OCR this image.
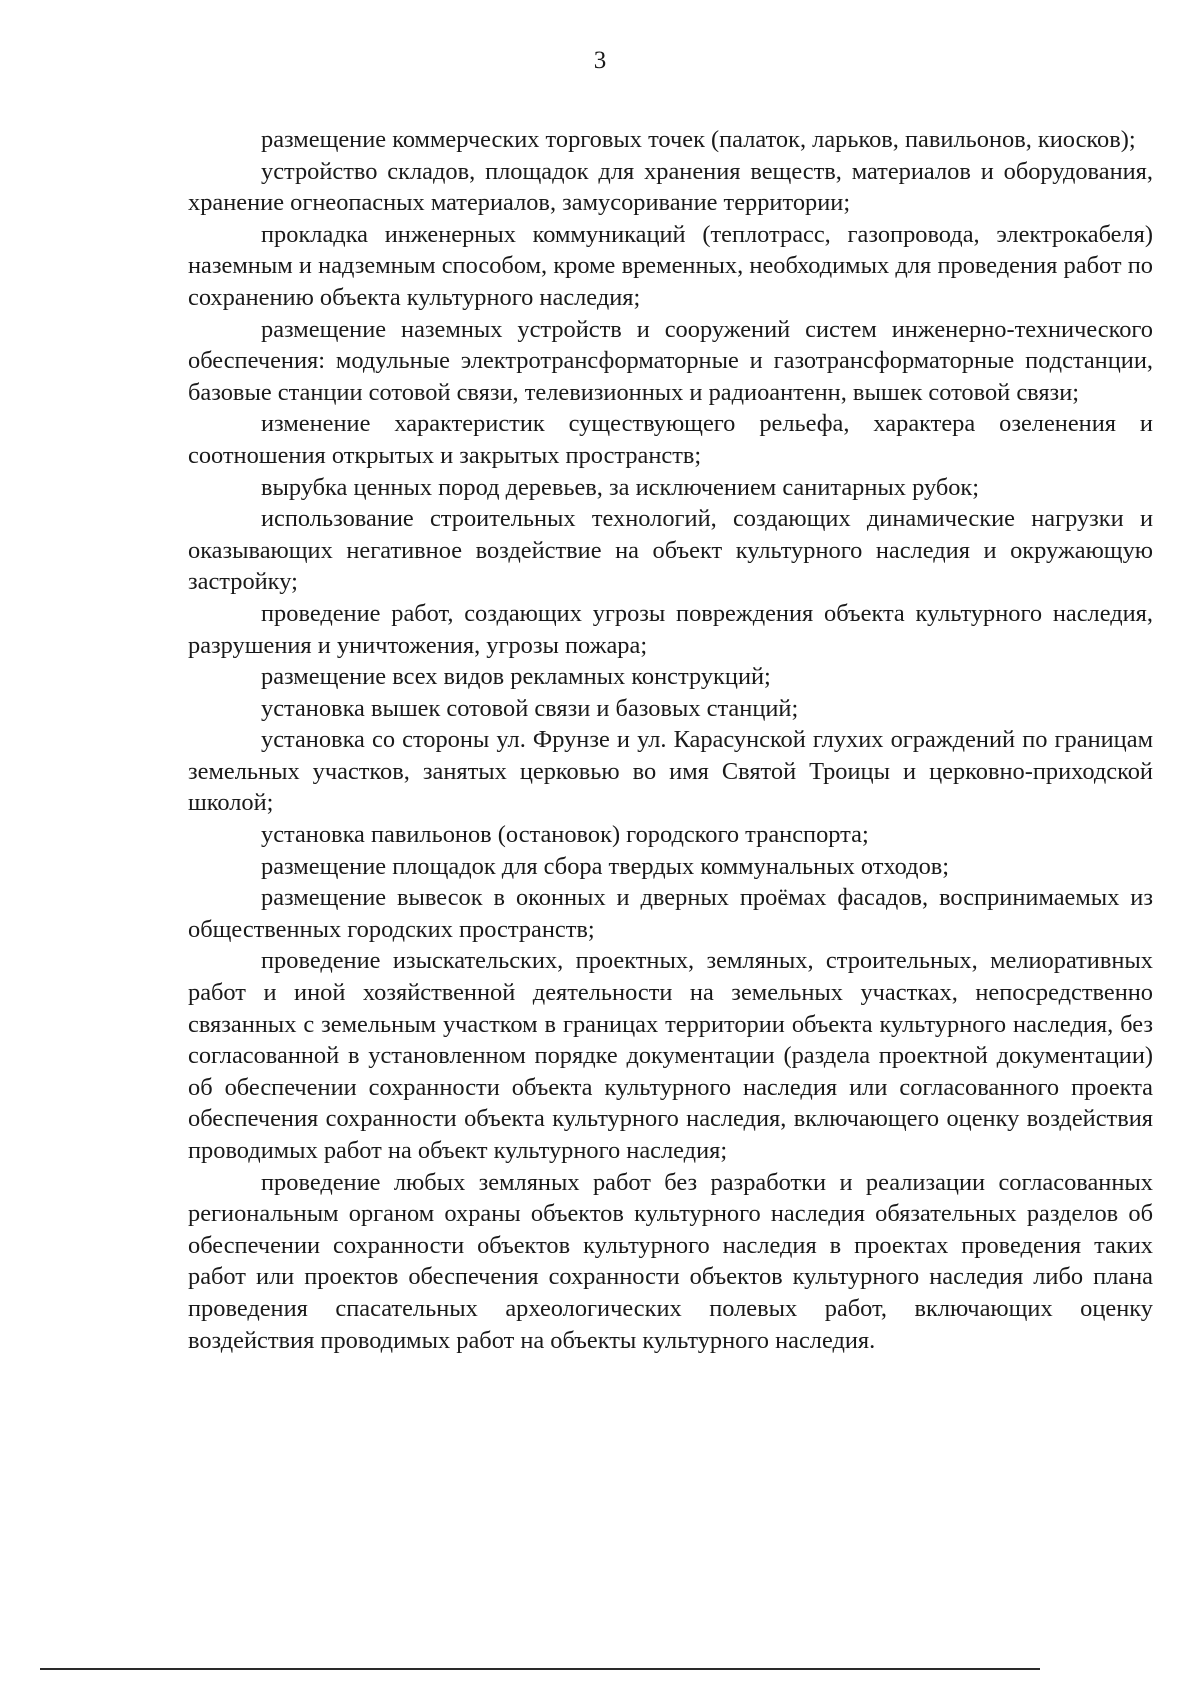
3

размещение коммерческих торговых точек (палаток, ларьков, павильонов, киосков);

устройство складов, площадок для хранения веществ, материалов и оборудования, хранение огнеопасных материалов, замусоривание территории;

прокладка инженерных коммуникаций (теплотрасс, газопровода, электрокабеля) наземным и надземным способом, кроме временных, необходимых для проведения работ по сохранению объекта культурного наследия;

размещение наземных устройств и сооружений систем инженерно-технического обеспечения: модульные электротрансформаторные и газотрансформаторные подстанции, базовые станции сотовой связи, телевизионных и радиоантенн, вышек сотовой связи;

изменение характеристик существующего рельефа, характера озеленения и соотношения открытых и закрытых пространств;

вырубка ценных пород деревьев, за исключением санитарных рубок;

использование строительных технологий, создающих динамические нагрузки и оказывающих негативное воздействие на объект культурного наследия и окружающую застройку;

проведение работ, создающих угрозы повреждения объекта культурного наследия, разрушения и уничтожения, угрозы пожара;

размещение всех видов рекламных конструкций;

установка вышек сотовой связи и базовых станций;

установка со стороны ул. Фрунзе и ул. Карасунской глухих ограждений по границам земельных участков, занятых церковью во имя Святой Троицы и церковно-приходской школой;

установка павильонов (остановок) городского транспорта;

размещение площадок для сбора твердых коммунальных отходов;

размещение вывесок в оконных и дверных проёмах фасадов, воспринимаемых из общественных городских пространств;

проведение изыскательских, проектных, земляных, строительных, мелиоративных работ и иной хозяйственной деятельности на земельных участках, непосредственно связанных с земельным участком в границах территории объекта культурного наследия, без согласованной в установленном порядке документации (раздела проектной документации) об обеспечении сохранности объекта культурного наследия или согласованного проекта обеспечения сохранности объекта культурного наследия, включающего оценку воздействия проводимых работ на объект культурного наследия;

проведение любых земляных работ без разработки и реализации согласованных региональным органом охраны объектов культурного наследия обязательных разделов об обеспечении сохранности объектов культурного наследия в проектах проведения таких работ или проектов обеспечения сохранности объектов культурного наследия либо плана проведения спасательных археологических полевых работ, включающих оценку воздействия проводимых работ на объекты культурного наследия.
